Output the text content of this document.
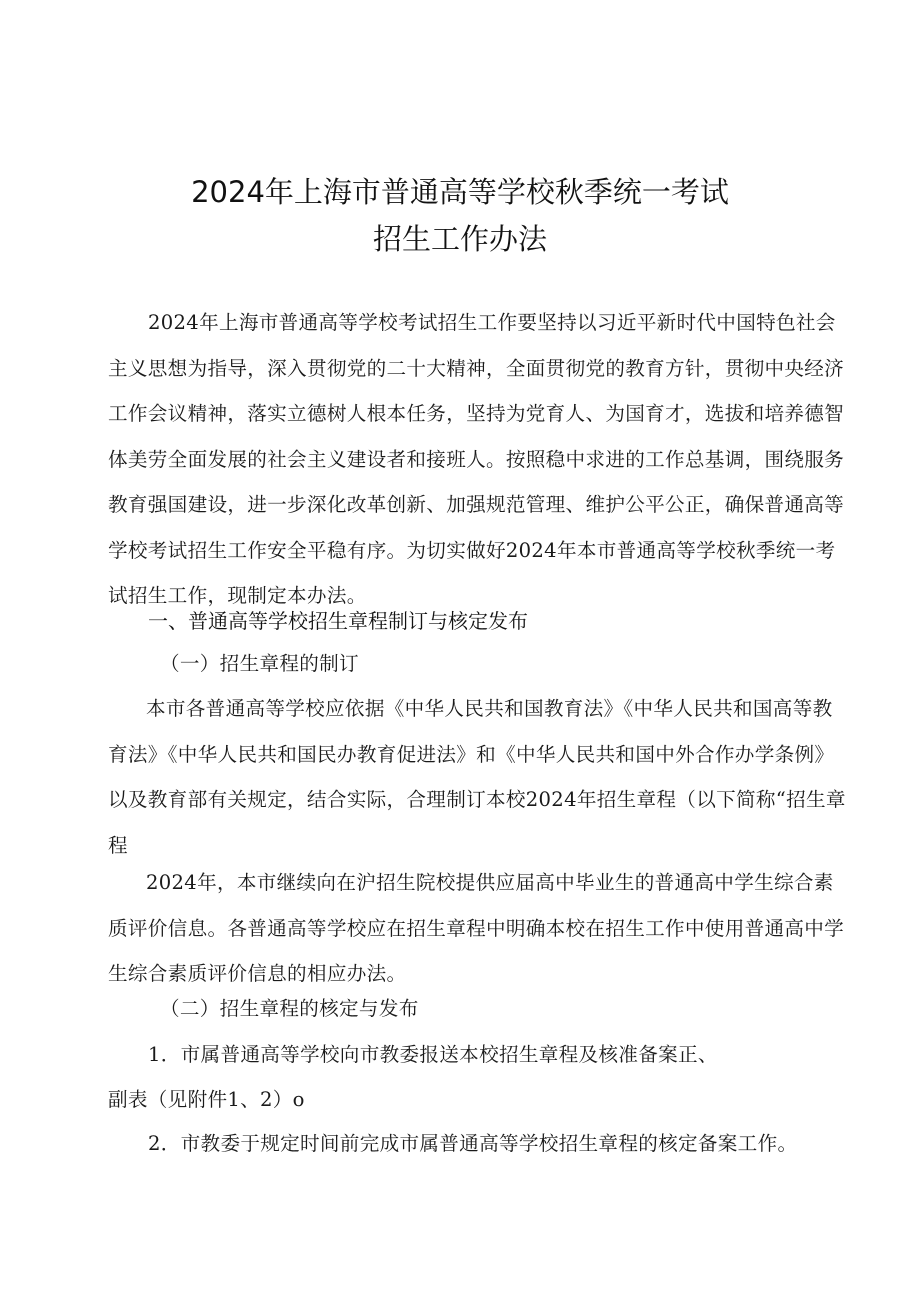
2024年上海市普通高等学校秋季统一考试
招生工作办法
2024年上海市普通高等学校考试招生工作要坚持以习近平新时代中国特色社会主义思想为指导，深入贯彻党的二十大精神，全面贯彻党的教育方针，贯彻中央经济工作会议精神，落实立德树人根本任务，坚持为党育人、为国育才，选拔和培养德智体美劳全面发展的社会主义建设者和接班人。按照稳中求进的工作总基调，围绕服务教育强国建设，进一步深化改革创新、加强规范管理、维护公平公正，确保普通高等学校考试招生工作安全平稳有序。为切实做好2024年本市普通高等学校秋季统一考试招生工作，现制定本办法。
一、普通高等学校招生章程制订与核定发布
（一）招生章程的制订
本市各普通高等学校应依据《中华人民共和国教育法》《中华人民共和国高等教育法》《中华人民共和国民办教育促进法》和《中华人民共和国中外合作办学条例》以及教育部有关规定，结合实际，合理制订本校2024年招生章程（以下简称“招生章程
2024年，本市继续向在沪招生院校提供应届高中毕业生的普通高中学生综合素质评价信息。各普通高等学校应在招生章程中明确本校在招生工作中使用普通高中学生综合素质评价信息的相应办法。
（二）招生章程的核定与发布
1．市属普通高等学校向市教委报送本校招生章程及核准备案正、
副表（见附件1、2）o
2．市教委于规定时间前完成市属普通高等学校招生章程的核定备案工作。
